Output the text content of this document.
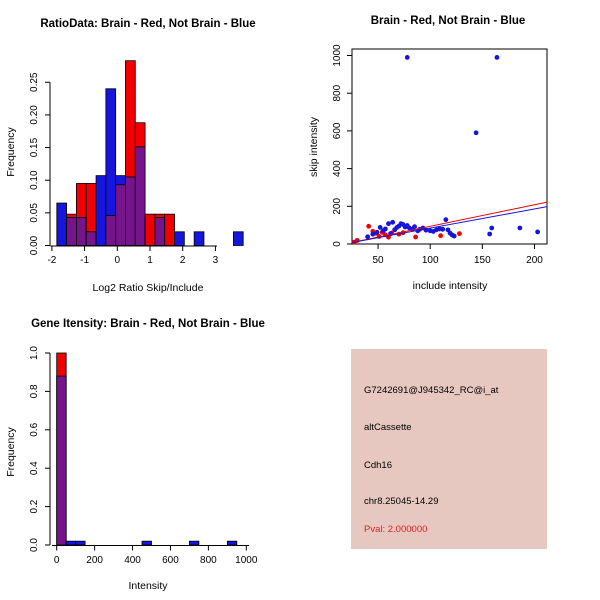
RatioData: Brain - Red, Not Brain - Blue
Log2 Ratio Skip/Include
Frequency
-2 -1	0	1	2	3
0.00
0.05
0.10
0.15
0.20
0.25
Brain - Red, Not Brain - Blue
include intensity
skip intensity
50	100	150	200
0
200
400
600
800
1000
Gene Itensity: Brain - Red, Not Brain - Blue
Intensity
Frequency
0	200 400 600 800 1000
0.0
0.2
0.4
0.6
0.8
1.0
G7242691@J945342_RC@i_at
altCassette
Cdh16
chr8.25045-14.29
Pval: 2.000000
